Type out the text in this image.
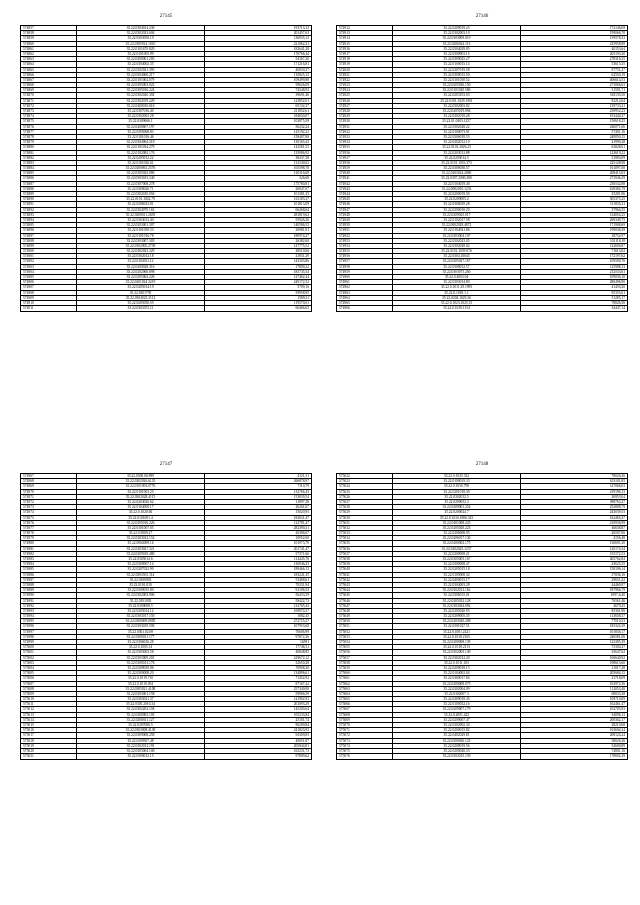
27145
574857	35.22.0304014.230	193713,13
574858	35.22.0302023.604	201457,63
574859	35.22.0303050.19	136035,13
574860	35.22.0305014.1010	221062,21
574861	35.22.0101670.820	182641,28
574862	35.22.0101005.99	176766,44
574863	35.22.0200001.293	54167,26
574864	35.22.0304002.35	171216,81
574865	35.22.0302021.393	40830,37
574866	35.22.0304006.217	110825,13
574867	35.22.0101002.079	109499,88
574868	35.22.0305003.022	59626,09
574869	35.22.0305016.224	74348,93
574870	35.22.0302020.302	39691,46
574871	35.22.0302019.229	123852,01
574872	35.22.0400010.616	65132,37
574873	35.22.0307016.40	211852,61
574874	35.22.0302003.28	184650,07
574875	35.22.0300666.1	103875,59
574876	35.22.0200607.197	56232,24
574877	35.22.0305008.83	125192,22
574878	35.22.0101016.46	158407,88
574879	35.22.0304064.318	130165,43
574880	35.22.0101034.279	142581,53
574881	35.22.0102082.176	135086,92
574882	35.22.0205012.22	38437,38
574883	35.22.0101026.61	132540,63
574884	35.22.0200061.2576	165598,78
574885	35.22.0305025.080	120116,69
574886	35.22.0303013.340	326,68
574887	35.22.0307008.278	175780,81
574888	35.22.0300026.71	26947,07
574889	35.22.0302010.056	101381,35
574890	35.22.0101.1042.79	161183,37
574891	35.22.0206023.81	101813,09
574892	35.22.0304070.163	66268,64
574893	35.22.0200011.2639	281819,62
574894	35.22.0304012.40	55926,26
574895	35.22.0203001.307	140586,53
574896	35.22.0101050.53	26981,91
574897	35.22.0101016.78	180974,27
574898	35.22.0303007.305	26382,60
574899	35.22.0302005.2739	127775,52
574900	35.22.0302023.329	28510,06
574901	35.22.0302012.18	21831,29
574902	35.22.0104011.12	143303,86
574903	35.22.0200028.316	17809,22
574904	35.22.0202066.898	185745,34
574905	35.22.0205062.226	127462,44
574906	35.22.0201024.3219	249172,52
574907	35.22.0205014.19	5709,16
574908	35.22.0301795	59958,95
574909	35.22.0304023.3112	1589,31
574910	35.22.0205050.59	119570,01
574911	35.22.0303072.11	66466,65
27146
574912	35.22.0209019.23	172146,69
574913	35.22.0302003.10	199066,70
574914	35.22.0303009.019	159578,33
574915	35.22.0206024.113	235958,88
574916	35.22.0304029.85	40153,64
574917	35.22.0300903.15	205193,20
574918	35.22.0309025.27	278316,55
574919	35.22.0100015.14	53615,35
574920	35.22.0207019.58	97751,27
574921	35.22.0300015.50	62550,19
574922	35.22.0101050.52	406614,53
574923	35.22.0205026.150	271066,63
574924	35.22.0101020.586	31591,71
574925	35.22.0203103.03	318135,50
574926	35.22.0101.1029.1901	83212,64
574927	35.22.0302003.82	139733,21
574928	35.22.0205019.894	239952,23
574929	35.22.0302018.28	193444,37
574930	35.22.01.0403.1257	150618,25
574931	35.22.0302028.22	246071,66
574932	35.22.0100073.91	57401,16
574933	35.22.0306018.53	240050,15
574934	35.22.0202012.10	41990,28
574935	35.22.0101.2026.23	63828,61
574936	35.22.0203012.88	123619,22
574937	35.22.0203014.5	31983,09
574938	35.22.0101.1053.373	225128,98
574939	35.22.0300030.57	161097,68
574940	35.22.0203024.2060	208415,03
574941	35.22.0307.2000.280	273946,29
574942	35.22.0104019.40	236532,88
574943	35.22.0002010.1233	169382,79
574944	35.22.0200019.50	25281,96
574945	35.22.0209005.2	505375,25
574946	35.22.0306029.28	111835,21
574947	35.22.0200010.20	37964,55
574948	35.22.0209025.017	134054,25
574949	35.22.0102017.58	269349,75
574950	35.22.0002028.4872	171908,69
574951	35.22.0104021.86	199038,49
574952	35.22.0303004.107	18752,97
574953	35.22.0302023.05	101118,18
574954	35.22.0302028.02	122694,87
574955	35.22.0101.1059.976	71613,02
574956	35.22.0304.10043	172197,62
574957	35.22.0205027.167	109500,70
574958	35.22.0309012.57	125988,13
574959	35.22.0303075.260	212533,61
574960	35.22.0.4003.04	109036,10
574961	35.22.0303014.80	280496,90
574962	35.22.0.1011.29.1995	41450,20
574963	35.22.0.1029.1.1	95355,61
574964	35.22.0204.1029.26	51285,17
574965	35.22.0.1023.1025.15	78026,56
574966	35.22.0.1039.1154	34447,14
27147
574967	35.22.0300.06.899	4121,31
574968	35.22.0202026.6135	266878,97
574969	35.22.0101003.0776	7110,79
574970	35.22.0101003.25	132766,43
574971	35.22.0302028.4115	153839,54
574972	35.22.0204026.62	11897,28
574973	35.22.0104009.17	26261,67
574974	35.22.0.1020.60	15020,95
574975	35.22.0101001.4	182631,47
574976	35.22.0205016.226	122781,47
574977	35.22.0101007.05	282390,31
574978	35.22.0.5009.27	20386,07
574979	35.22.0303012.152	10052,69
574980	35.22.0002009.16	101973,79
574981	35.22.0303027.321	201741,47
574982	35.22.0209018.480	57371,66
574983	35.22.0305014.6	114445,76
574984	35.22.0300007.14	136946,23
574985	35.22.0207022.90	189466,13
574986	35.22.0303501.114	183241,35
574987	35.22.0100003	53468,61
574988	35.22.0101.010	70231,94
574989	35.22.0300015.80	92106,53
574990	35.22.0302003.906	56453,59
574991	35.22.0101005	58422,73
574992	35.22.0300008.5	132765,43
574993	35.22.0205014.12	169974,37
574994	35.22.0303017.150	1082,45
574995	35.22.0300009.0085	272755,27
574996	35.22.0303019.500	107953,68
574997	35.22.0301.02.69	70606,99
574998	35.22.0300011.177	97872,36
574999	35.22.0306016.28	16591
575000	35.22.0.1005.14	17748,31
575001	35.22.0303003.58	40848,85
575002	35.22.0303009.201	419672,12
575003	35.22.0300013.176	32650,28
575004	35.22.0209039.06	70908,30
575005	35.22.0300008.20	134896,61
575006	35.22.0.1019.710	71452,92
575007	35.22.0.1019.054	87167,42
575008	35.22.0305021.4108	257340,08
575009	35.22.0303001.158	59966,59
575010	35.22.0303021.37	141902,93
575011	35.22.0305.2016.34	201093,29
575012	35.22.0302202.158	145200,64
575013	35.22.0200003.103	105233,84
575014	35.22.0200011.127	25101,74
575015	35.22.0207006.5	96209,84
575016	35.22.0303008.4138	241823,93
575017	35.22.0309008.258	94309,83
575018	35.22.0209507.48	40651,87
575019	35.22.0302012.191	205844,81
575020	35.22.0303004.106	165231,73
575021	35.22.0300012.15	97809,62
27148
575022	35.22.0.1025.332	78026,36
575023	35.22.0100019.33	103101,85
575024	35.22.0.1050.790	147066,63
575025	35.22.0201018.39	219196,13
575026	35.22.0302012.5	26953,04
575027	35.22.0209052.3	398763,27
575028	35.22.0209001.254	252808,79
575029	35.22.0200024.7	243039,53
575030	35.22.0.1016.1806.325	162465,47
575031	35.22.0401008.225	210936,99
575032	35.22.0205020.223	46638,87
575033	35.22.0206008.05	26507,06
575034	35.22.0206017.130	4156,48
575035	35.22.0200002.175	130691,20
575036	35.22.0202025.1237	120174,34
575037	35.22.0209008.21	155172,53
575038	35.22.0305005.167	405762,84
575039	35.22.0300008.47	43625,35
575040	35.22.0205015.18	150106,14
575041	35.22.0109008.32	37836,16
575042	35.22.0400015.17	29651,42
575043	35.22.0304003.28	44460,97
575044	35.22.0202012.162	187966,79
575045	35.22.0306015.01	1097,6,40
575046	35.22.0205032.128	76561,46
575047	35.22.0302024.692	4679,25
575048	35.22.0205020.93	85301,96
575049	35.22.0209005.35	113658,37
575050	35.22.0203020.208	77010,53
575051	35.22.0301027.51	183324,39
575052	35.22.0.1001.2421	101836,17
575053	35.22.0.1018.2165	246581,06
575054	35.22.0200008.139	122385,39
575055	35.22.0.1018.2113	75304,37
575056	35.22.0302005.149	35647,62
575057	35.22.0302012.20	166640,92
575058	35.22.0.1011.105	198613,60
575059	35.22.0209018.15	11017,28
575060	35.22.0104002.04	205684,15
575061	35.22.0300017.84	21718,09
575062	35.22.0200008.075	102972,36
575063	35.22.0202004.09	112053,48
575064	35.22.0302007.3	68033,28
575065	35.22.0209018.45	109710,09
575066	35.22.0100032.16	162461,47
575067	35.22.0209007.179	102705,93
575068	35.22.0.2001.422	54096,13
575069	35.22.0209007.47	200362,17
575070	35.22.0302002.34	28210,68
575071	35.22.0200015.82	163604,34
575072	35.22.0402029.81	208124,24
575073	35.22.0300026.123	58026,36
575074	35.22.0208019.56	54600,89
575075	35.22.0200026.53	74801,16
575076	35.22.0302015.159	178692,29
